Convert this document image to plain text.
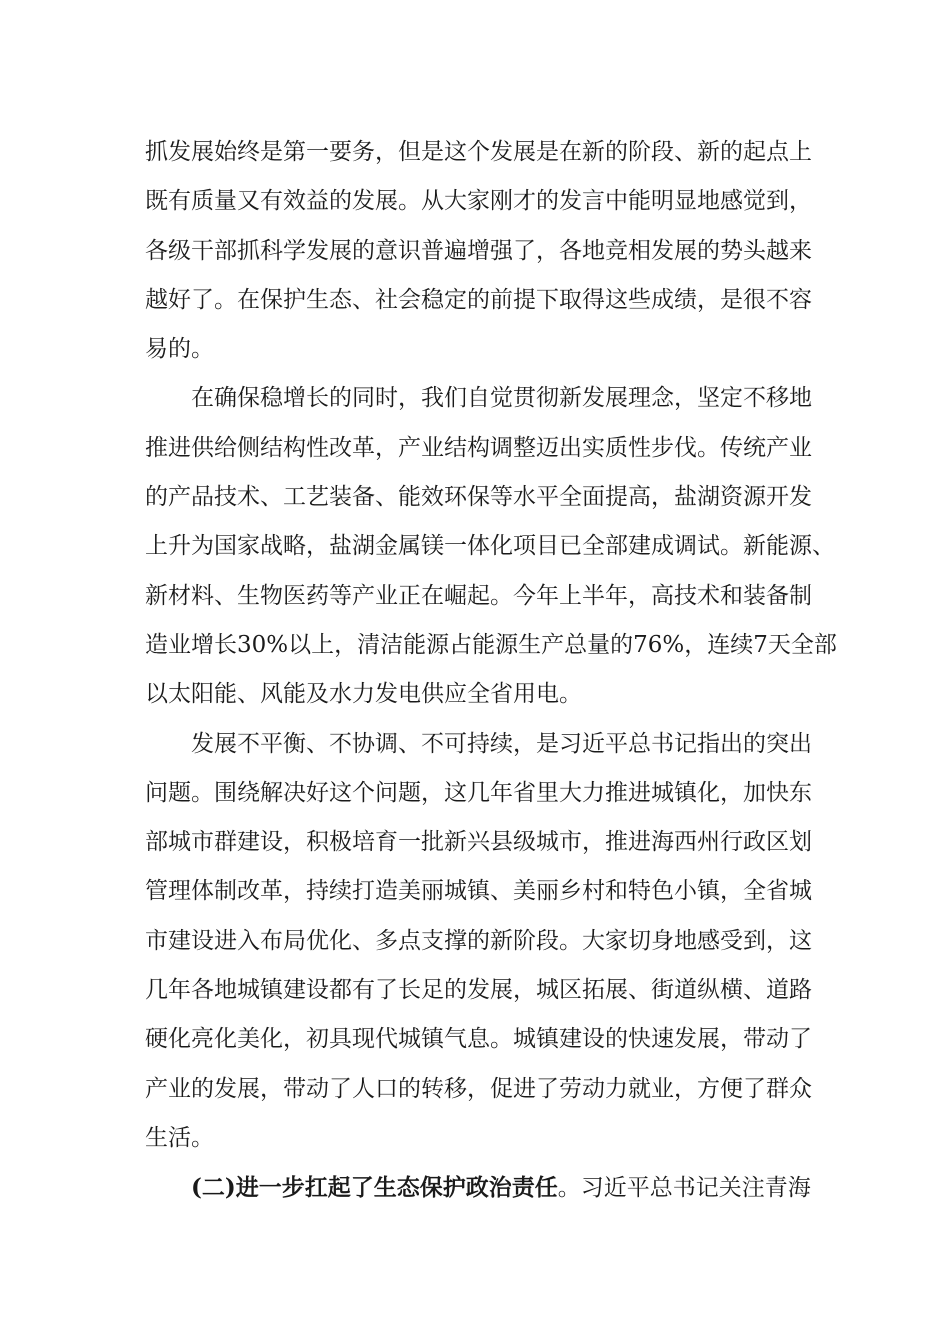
抓发展始终是第一要务，但是这个发展是在新的阶段、新的起点上
既有质量又有效益的发展。从大家刚才的发言中能明显地感觉到，
各级干部抓科学发展的意识普遍增强了，各地竞相发展的势头越来
越好了。在保护生态、社会稳定的前提下取得这些成绩，是很不容
易的。
在确保稳增长的同时，我们自觉贯彻新发展理念，坚定不移地
推进供给侧结构性改革，产业结构调整迈出实质性步伐。传统产业
的产品技术、工艺装备、能效环保等水平全面提高，盐湖资源开发
上升为国家战略，盐湖金属镁一体化项目已全部建成调试。新能源、
新材料、生物医药等产业正在崛起。今年上半年，高技术和装备制
造业增长30%以上，清洁能源占能源生产总量的76%，连续7天全部
以太阳能、风能及水力发电供应全省用电。
发展不平衡、不协调、不可持续，是习近平总书记指出的突出
问题。围绕解决好这个问题，这几年省里大力推进城镇化，加快东
部城市群建设，积极培育一批新兴县级城市，推进海西州行政区划
管理体制改革，持续打造美丽城镇、美丽乡村和特色小镇，全省城
市建设进入布局优化、多点支撑的新阶段。大家切身地感受到，这
几年各地城镇建设都有了长足的发展，城区拓展、街道纵横、道路
硬化亮化美化，初具现代城镇气息。城镇建设的快速发展，带动了
产业的发展，带动了人口的转移，促进了劳动力就业，方便了群众
生活。
(二)进一步扛起了生态保护政治责任。习近平总书记关注青海
